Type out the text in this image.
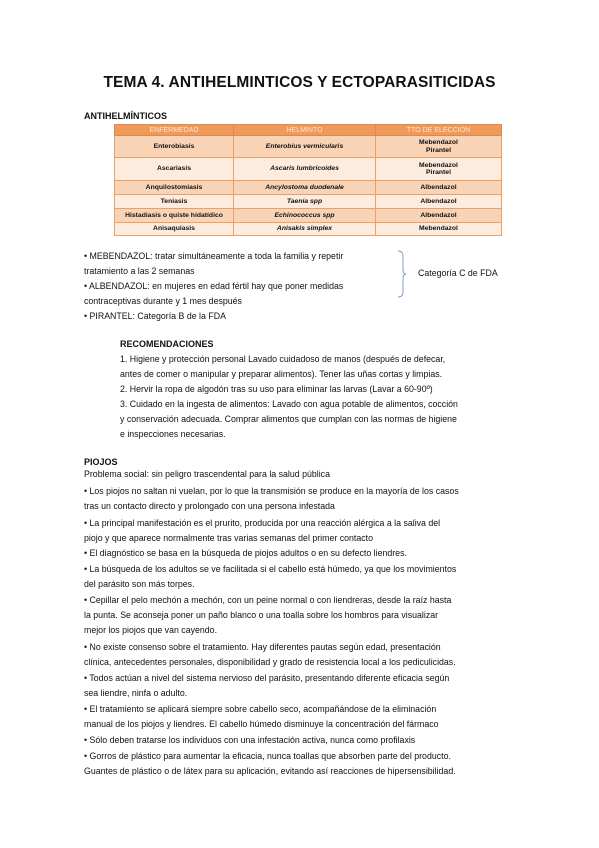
TEMA 4. ANTIHELMINTICOS Y ECTOPARASITICIDAS
ANTIHELMÍNTICOS
ENFERMEDAD	HELMINTO	TTO DE ELECCIÓN
Enterobiasis	Enterobius vermicularis	Mebendazol
Pirantel
Ascariasis	Ascaris lumbricoides	Mebendazol
Pirantel
Anquilostomiasis	Ancylostoma duodenale	Albendazol
Teniasis	Taenia spp	Albendazol
Histadiasis o quiste hidatídico	Echinococcus spp	Albendazol
Anisaquiasis	Anisakis simplex	Mebendazol
• MEBENDAZOL: tratar simultáneamente a toda la familia y repetir
tratamiento a las 2 semanas
• ALBENDAZOL: en mujeres en edad fértil hay que poner medidas
contraceptivas durante y 1 mes después
• PIRANTEL: Categoría B de la FDA
Categoría C de FDA
RECOMENDACIONES
1. Higiene y protección personal Lavado cuidadoso de manos (después de defecar,
antes de comer o manipular y preparar alimentos). Tener las uñas cortas y limpias.
2. Hervir la ropa de algodón tras su uso para eliminar las larvas (Lavar a 60-90º)
3. Cuidado en la ingesta de alimentos: Lavado con agua potable de alimentos, cocción
y conservación adecuada. Comprar alimentos que cumplan con las normas de higiene
e inspecciones necesarias.
PIOJOS
Problema social: sin peligro trascendental para la salud pública
• Los piojos no saltan ni vuelan, por lo que la transmisión se produce en la mayoría de los casos
tras un contacto directo y prolongado con una persona infestada
• La principal manifestación es el prurito, producida por una reacción alérgica a la saliva del
piojo y que aparece normalmente tras varias semanas del primer contacto
• El diagnóstico se basa en la búsqueda de piojos adultos o en su defecto liendres.
• La búsqueda de los adultos se ve facilitada si el cabello está húmedo, ya que los movimientos
del parásito son más torpes.
• Cepillar el pelo mechón a mechón, con un peine normal o con liendreras, desde la raíz hasta
la punta. Se aconseja poner un paño blanco o una toalla sobre los hombros para visualizar
mejor los piojos que van cayendo.
• No existe consenso sobre el tratamiento. Hay diferentes pautas según edad, presentación
clínica, antecedentes personales, disponibilidad y grado de resistencia local a los pediculicidas.
• Todos actúan a nivel del sistema nervioso del parásito, presentando diferente eficacia según
sea liendre, ninfa o adulto.
• El tratamiento se aplicará siempre sobre cabello seco, acompañándose de la eliminación
manual de los piojos y liendres. El cabello húmedo disminuye la concentración del fármaco
• Sólo deben tratarse los individuos con una infestación activa, nunca como profilaxis
• Gorros de plástico para aumentar la eficacia, nunca toallas que absorben parte del producto.
Guantes de plástico o de látex para su aplicación, evitando así reacciones de hipersensibilidad.
